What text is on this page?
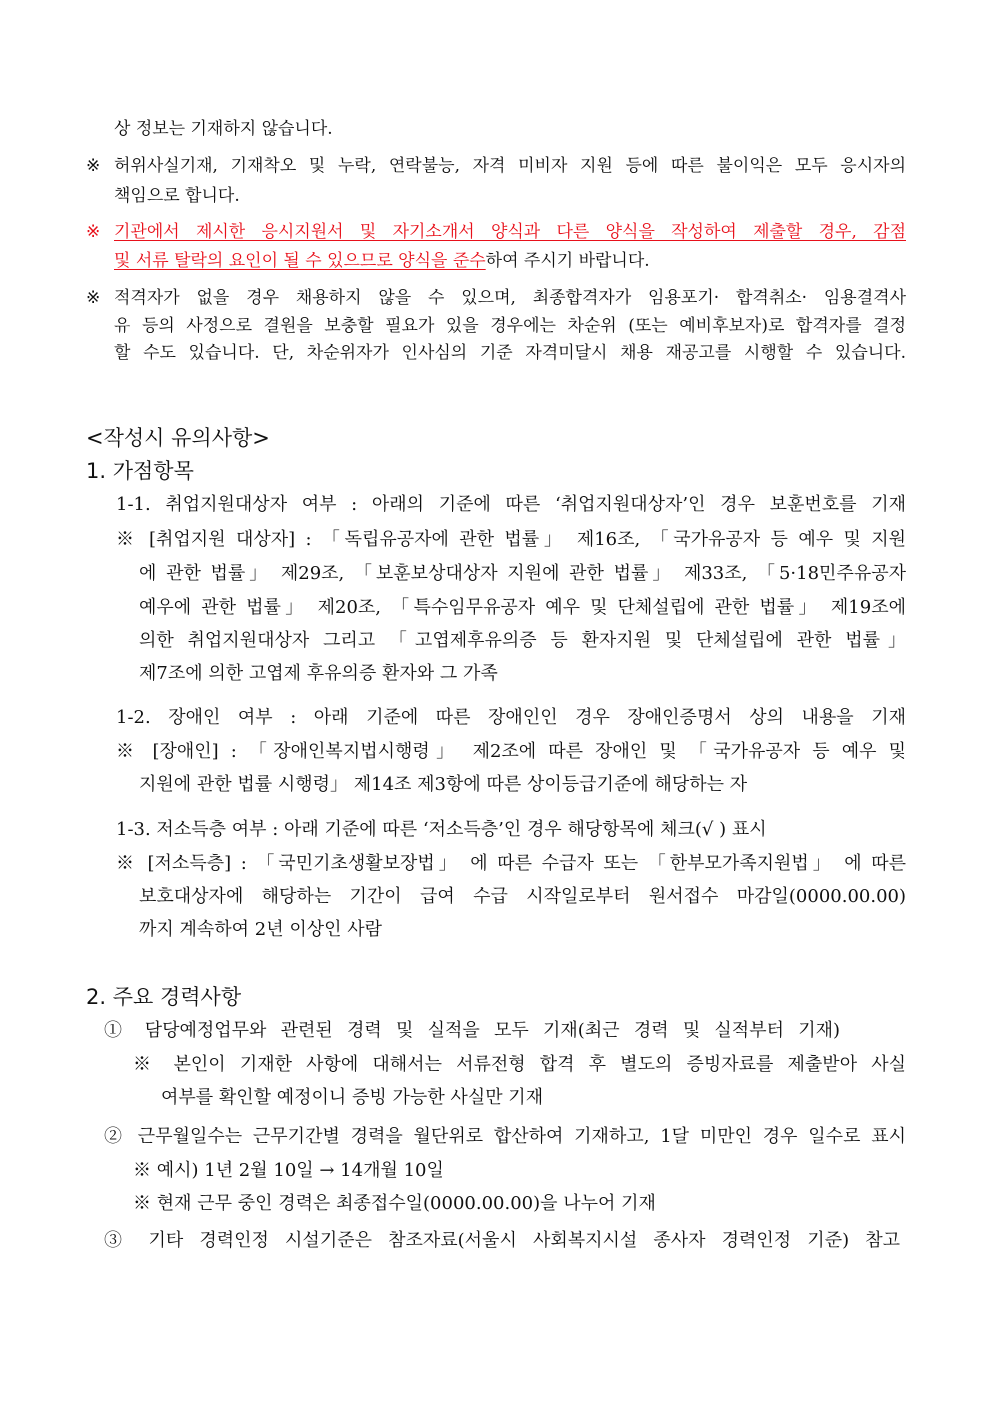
상 정보는 기재하지 않습니다.
※ 허위사실기재, 기재착오 및 누락, 연락불능, 자격 미비자 지원 등에 따른 불이익은 모두 응시자의
책임으로 합니다.
※ 기관에서 제시한 응시지원서 및 자기소개서 양식과 다른 양식을 작성하여 제출할 경우, 감점
및 서류 탈락의 요인이 될 수 있으므로 양식을 준수하여 주시기 바랍니다.
※ 적격자가 없을 경우 채용하지 않을 수 있으며, 최종합격자가 임용포기· 합격취소· 임용결격사
유 등의 사정으로 결원을 보충할 필요가 있을 경우에는 차순위 (또는 예비후보자)로 합격자를 결정
할 수도 있습니다. 단, 차순위자가 인사심의 기준 자격미달시 채용 재공고를 시행할 수 있습니다.
<작성시 유의사항>
1. 가점항목
1-1. 취업지원대상자 여부 : 아래의 기준에 따른 ‘취업지원대상자’인 경우 보훈번호를 기재
※ [취업지원 대상자] : 「독립유공자에 관한 법률」 제16조, 「국가유공자 등 예우 및 지원
에 관한 법률」 제29조, 「보훈보상대상자 지원에 관한 법률」 제33조, 「5·18민주유공자
예우에 관한 법률」 제20조, 「특수임무유공자 예우 및 단체설립에 관한 법률」 제19조에
의한 취업지원대상자 그리고 「고엽제후유의증 등 환자지원 및 단체설립에 관한 법률」
제7조에 의한 고엽제 후유의증 환자와 그 가족
1-2. 장애인 여부 : 아래 기준에 따른 장애인인 경우 장애인증명서 상의 내용을 기재
※ [장애인] : 「장애인복지법시행령」 제2조에 따른 장애인 및 「국가유공자 등 예우 및
지원에 관한 법률 시행령」 제14조 제3항에 따른 상이등급기준에 해당하는 자
1-3. 저소득층 여부 : 아래 기준에 따른 ‘저소득층’인 경우 해당항목에 체크(√ ) 표시
※ [저소득층] : 「국민기초생활보장법」 에 따른 수급자 또는 「한부모가족지원법」 에 따른
보호대상자에 해당하는 기간이 급여 수급 시작일로부터 원서접수 마감일(0000.00.00)
까지 계속하여 2년 이상인 사람
2. 주요 경력사항
① 담당예정업무와 관련된 경력 및 실적을 모두 기재(최근 경력 및 실적부터 기재)
※ 본인이 기재한 사항에 대해서는 서류전형 합격 후 별도의 증빙자료를 제출받아 사실
여부를 확인할 예정이니 증빙 가능한 사실만 기재
② 근무월일수는 근무기간별 경력을 월단위로 합산하여 기재하고, 1달 미만인 경우 일수로 표시
※ 예시) 1년 2월 10일 → 14개월 10일
※ 현재 근무 중인 경력은 최종접수일(0000.00.00)을 나누어 기재
③ 기타 경력인정 시설기준은 참조자료(서울시 사회복지시설 종사자 경력인정 기준) 참고
